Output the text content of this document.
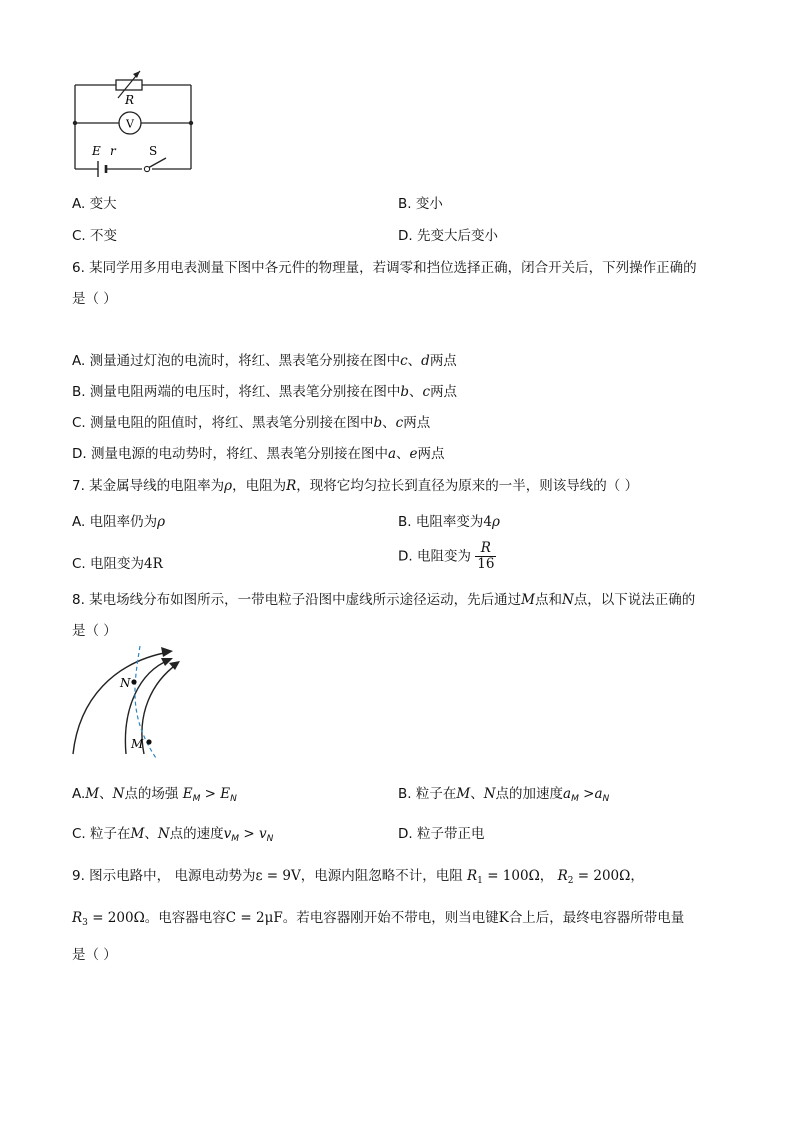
R
V
E r	S
A. 变大	B. 变小
C. 不变	D. 先变大后变小
6. 某同学用多用电表测量下图中各元件的物理量，若调零和挡位选择正确，闭合开关后，下列操作正确的
是（ ）
A. 测量通过灯泡的电流时，将红、黑表笔分别接在图中c、d两点
B. 测量电阻两端的电压时，将红、黑表笔分别接在图中b、c两点
C. 测量电阻的阻值时，将红、黑表笔分别接在图中b、c两点
D. 测量电源的电动势时，将红、黑表笔分别接在图中a、e两点
7. 某金属导线的电阻率为ρ，电阻为R，现将它均匀拉长到直径为原来的一半，则该导线的（ ）
A. 电阻率仍为ρ	B. 电阻率变为4ρ
C. 电阻变为4R	D. 电阻变为 $\frac{R}{16}$
8. 某电场线分布如图所示，一带电粒子沿图中虚线所示途径运动，先后通过M点和N点，以下说法正确的
是（ ）
N
M
A.M、N点的场强 $E_M > E_N$	B. 粒子在M、N点的加速度$a_M >a_N$
C. 粒子在M、N点的速度$v_M > v_N$	D. 粒子带正电
9. 图示电路中， 电源电动势为ε = 9V，电源内阻忽略不计，电阻 $R_1 = 100\Omega$， $R_2 = 200\Omega$，
$R_3 = 200\Omega$。电容器电容C = 2μF。若电容器刚开始不带电，则当电键K合上后，最终电容器所带电量
是（ ）
